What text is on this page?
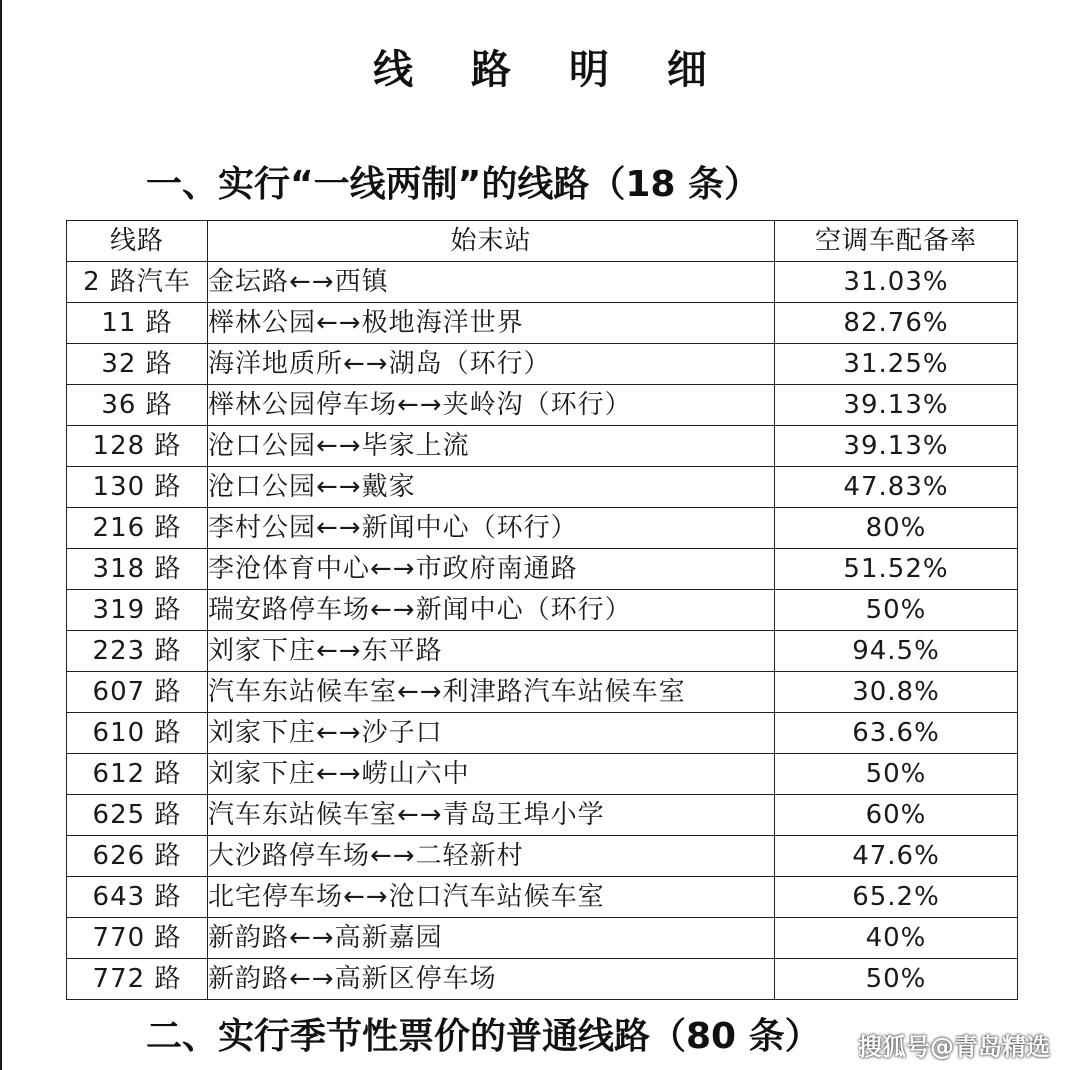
线 路 明 细
一、实行“一线两制”的线路（18 条）
线路	始末站	空调车配备率
2 路汽车	金坛路←→西镇	31.03%
11 路	榉林公园←→极地海洋世界	82.76%
32 路	海洋地质所←→湖岛（环行）	31.25%
36 路	榉林公园停车场←→夹岭沟（环行）	39.13%
128 路	沧口公园←→毕家上流	39.13%
130 路	沧口公园←→戴家	47.83%
216 路	李村公园←→新闻中心（环行）	80%
318 路	李沧体育中心←→市政府南通路	51.52%
319 路	瑞安路停车场←→新闻中心（环行）	50%
223 路	刘家下庄←→东平路	94.5%
607 路	汽车东站候车室←→利津路汽车站候车室	30.8%
610 路	刘家下庄←→沙子口	63.6%
612 路	刘家下庄←→崂山六中	50%
625 路	汽车东站候车室←→青岛王埠小学	60%
626 路	大沙路停车场←→二轻新村	47.6%
643 路	北宅停车场←→沧口汽车站候车室	65.2%
770 路	新韵路←→高新嘉园	40%
772 路	新韵路←→高新区停车场	50%
二、实行季节性票价的普通线路（80 条） 搜狐号@青岛精选
